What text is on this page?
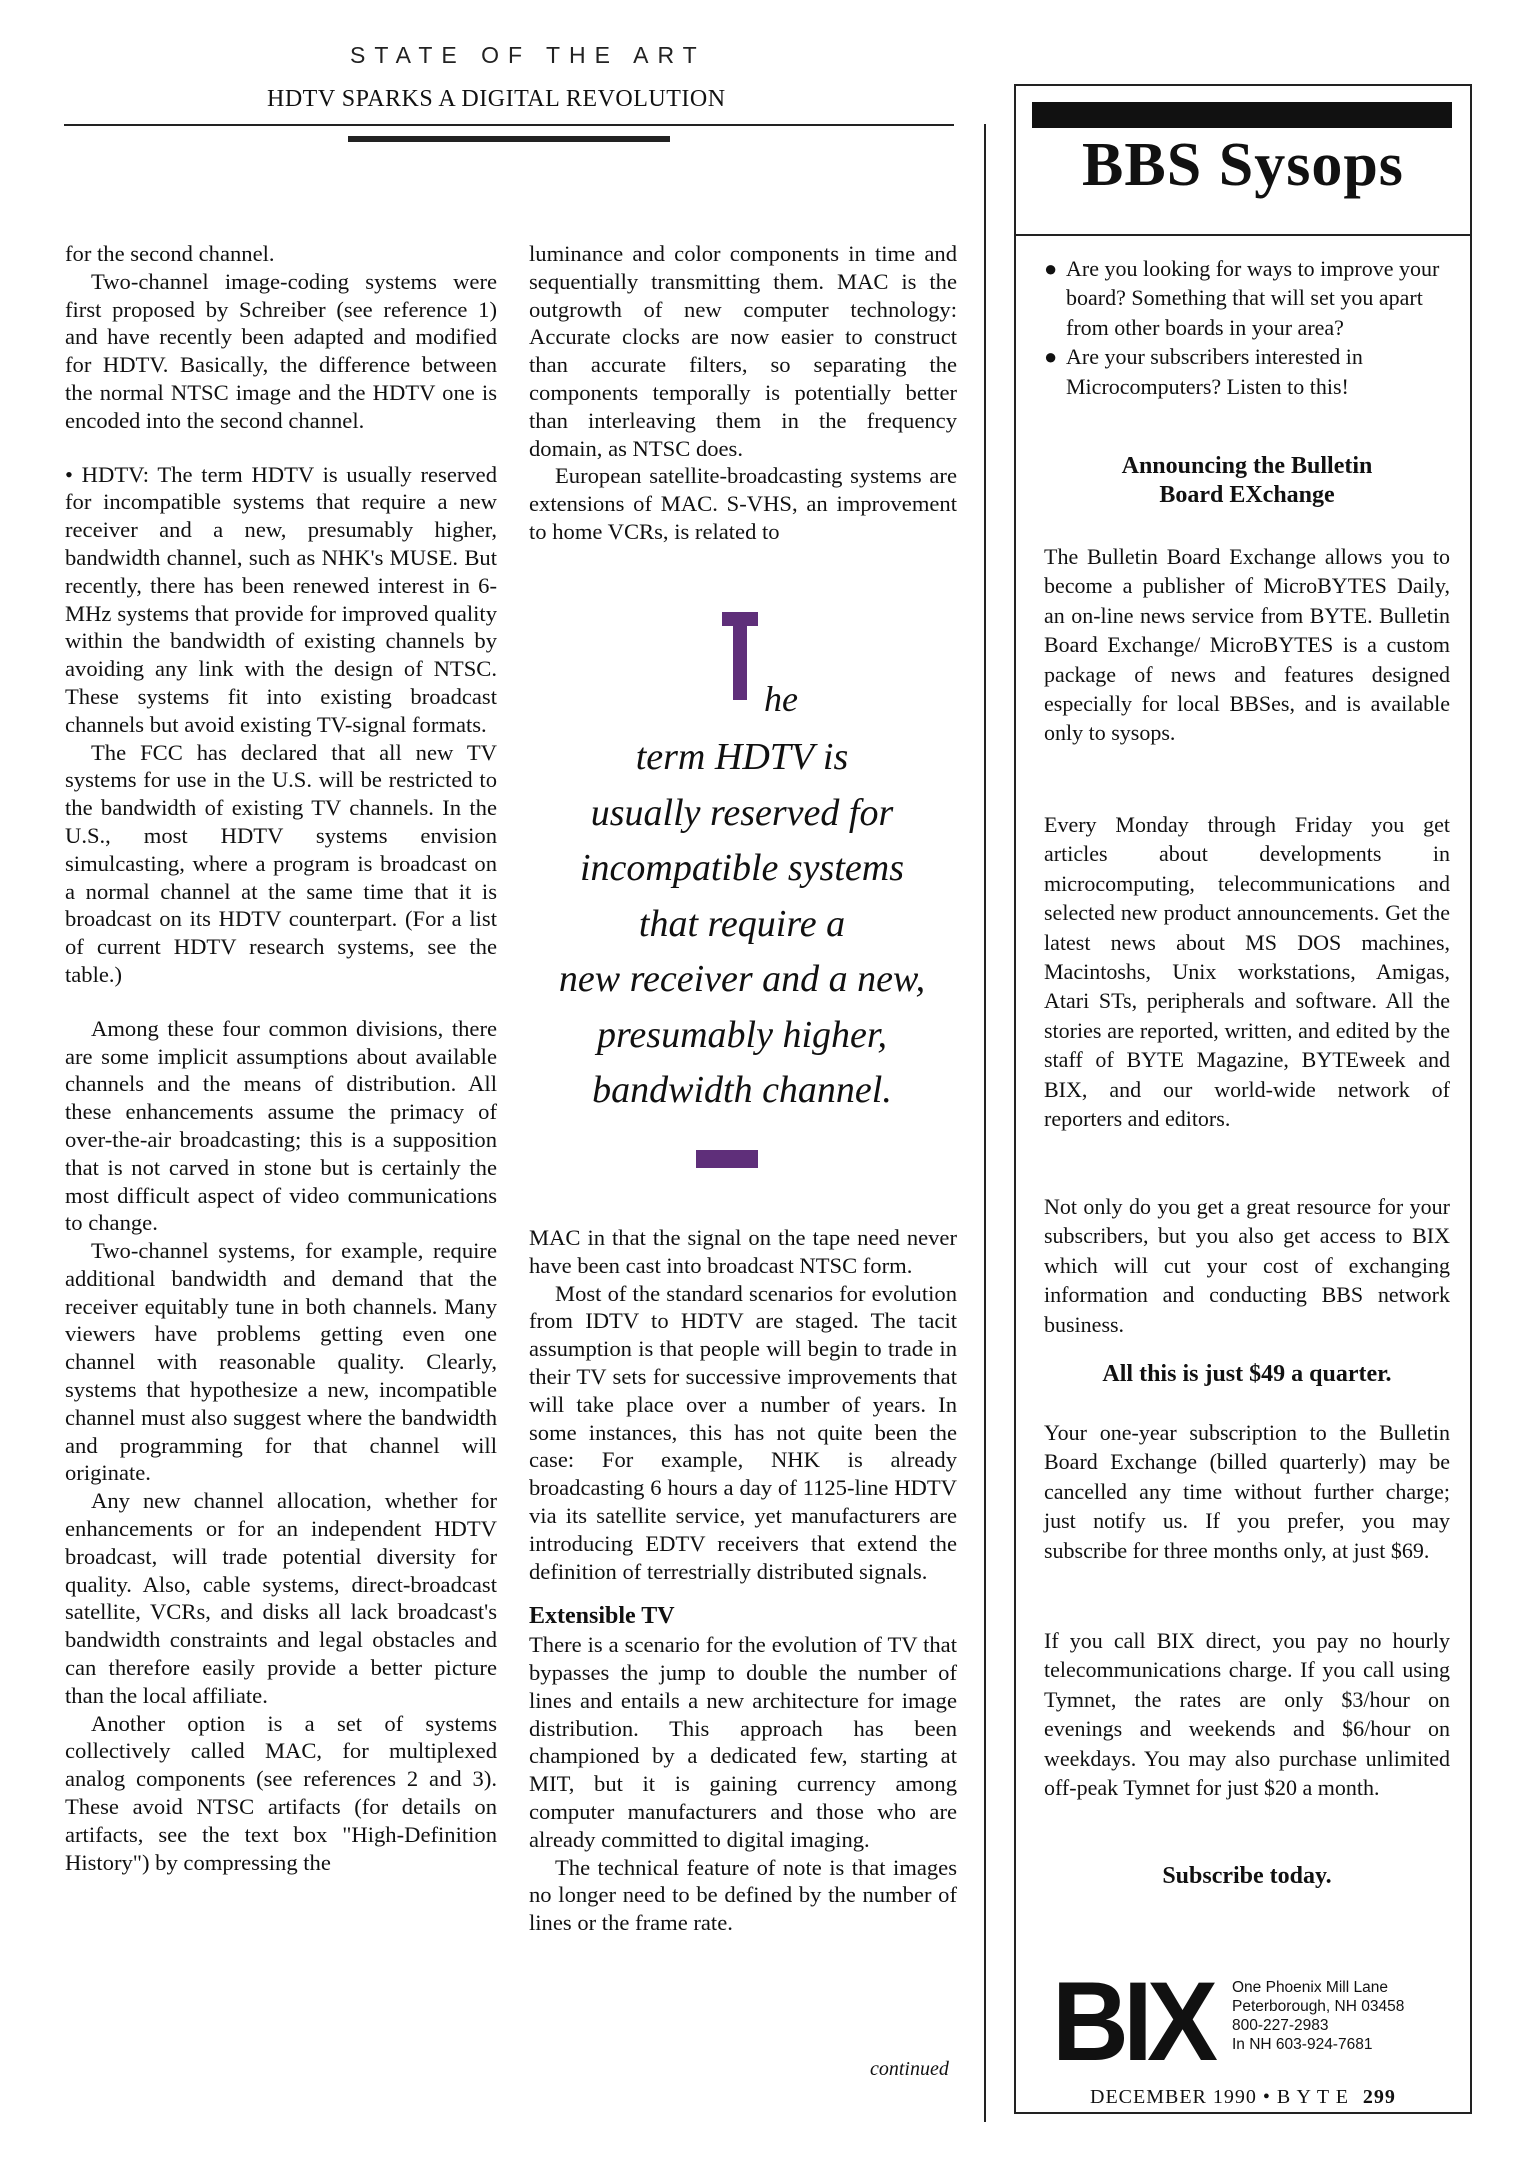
STATE OF THE ART
HDTV SPARKS A DIGITAL REVOLUTION

for the second channel.

Two-channel image-coding systems were first proposed by Schreiber (see reference 1) and have recently been adapted and modified for HDTV. Basically, the difference between the normal NTSC image and the HDTV one is encoded into the second channel.

• HDTV: The term HDTV is usually reserved for incompatible systems that require a new receiver and a new, presumably higher, bandwidth channel, such as NHK's MUSE. But recently, there has been renewed interest in 6-MHz systems that provide for improved quality within the bandwidth of existing channels by avoiding any link with the design of NTSC. These systems fit into existing broadcast channels but avoid existing TV-signal formats.

The FCC has declared that all new TV systems for use in the U.S. will be restricted to the bandwidth of existing TV channels. In the U.S., most HDTV systems envision simulcasting, where a program is broadcast on a normal channel at the same time that it is broadcast on its HDTV counterpart. (For a list of current HDTV research systems, see the table.)

Among these four common divisions, there are some implicit assumptions about available channels and the means of distribution. All these enhancements assume the primacy of over-the-air broadcasting; this is a supposition that is not carved in stone but is certainly the most difficult aspect of video communications to change.

Two-channel systems, for example, require additional bandwidth and demand that the receiver equitably tune in both channels. Many viewers have problems getting even one channel with reasonable quality. Clearly, systems that hypothesize a new, incompatible channel must also suggest where the bandwidth and programming for that channel will originate.

Any new channel allocation, whether for enhancements or for an independent HDTV broadcast, will trade potential diversity for quality. Also, cable systems, direct-broadcast satellite, VCRs, and disks all lack broadcast's bandwidth constraints and legal obstacles and can therefore easily provide a better picture than the local affiliate.

Another option is a set of systems collectively called MAC, for multiplexed analog components (see references 2 and 3). These avoid NTSC artifacts (for details on artifacts, see the text box "High-Definition History") by compressing the

luminance and color components in time and sequentially transmitting them. MAC is the outgrowth of new computer technology: Accurate clocks are now easier to construct than accurate filters, so separating the components temporally is potentially better than interleaving them in the frequency domain, as NTSC does.

European satellite-broadcasting systems are extensions of MAC. S-VHS, an improvement to home VCRs, is related to

he
term HDTV is
usually reserved for
incompatible systems
that require a
new receiver and a new,
presumably higher,
bandwidth channel.

MAC in that the signal on the tape need never have been cast into broadcast NTSC form.

Most of the standard scenarios for evolution from IDTV to HDTV are staged. The tacit assumption is that people will begin to trade in their TV sets for successive improvements that will take place over a number of years. In some instances, this has not quite been the case: For example, NHK is already broadcasting 6 hours a day of 1125-line HDTV via its satellite service, yet manufacturers are introducing EDTV receivers that extend the definition of terrestrially distributed signals.

Extensible TV

There is a scenario for the evolution of TV that bypasses the jump to double the number of lines and entails a new architecture for image distribution. This approach has been championed by a dedicated few, starting at MIT, but it is gaining currency among computer manufacturers and those who are already committed to digital imaging.

The technical feature of note is that images no longer need to be defined by the number of lines or the frame rate.

continued
BBS Sysops
● Are you looking for ways to improve your board? Something that will set you apart from other boards in your area?
● Are your subscribers interested in Microcomputers? Listen to this!
Announcing the Bulletin
Board EXchange
The Bulletin Board Exchange allows you to become a publisher of MicroBYTES Daily, an on-line news service from BYTE. Bulletin Board Exchange/ MicroBYTES is a custom package of news and features designed especially for local BBSes, and is available only to sysops.
Every Monday through Friday you get articles about developments in microcomputing, telecommunications and selected new product announcements. Get the latest news about MS DOS machines, Macintoshs, Unix workstations, Amigas, Atari STs, peripherals and software. All the stories are reported, written, and edited by the staff of BYTE Magazine, BYTEweek and BIX, and our world-wide network of reporters and editors.
Not only do you get a great resource for your subscribers, but you also get access to BIX which will cut your cost of exchanging information and conducting BBS network business.
All this is just $49 a quarter.
Your one-year subscription to the Bulletin Board Exchange (billed quarterly) may be cancelled any time without further charge; just notify us. If you prefer, you may subscribe for three months only, at just $69.
If you call BIX direct, you pay no hourly telecommunications charge. If you call using Tymnet, the rates are only $3/hour on evenings and weekends and $6/hour on weekdays. You may also purchase unlimited off-peak Tymnet for just $20 a month.
Subscribe today.
BIX One Phoenix Mill Lane
Peterborough, NH 03458
800-227-2983
In NH 603-924-7681
DECEMBER 1990 • B Y T E 299
